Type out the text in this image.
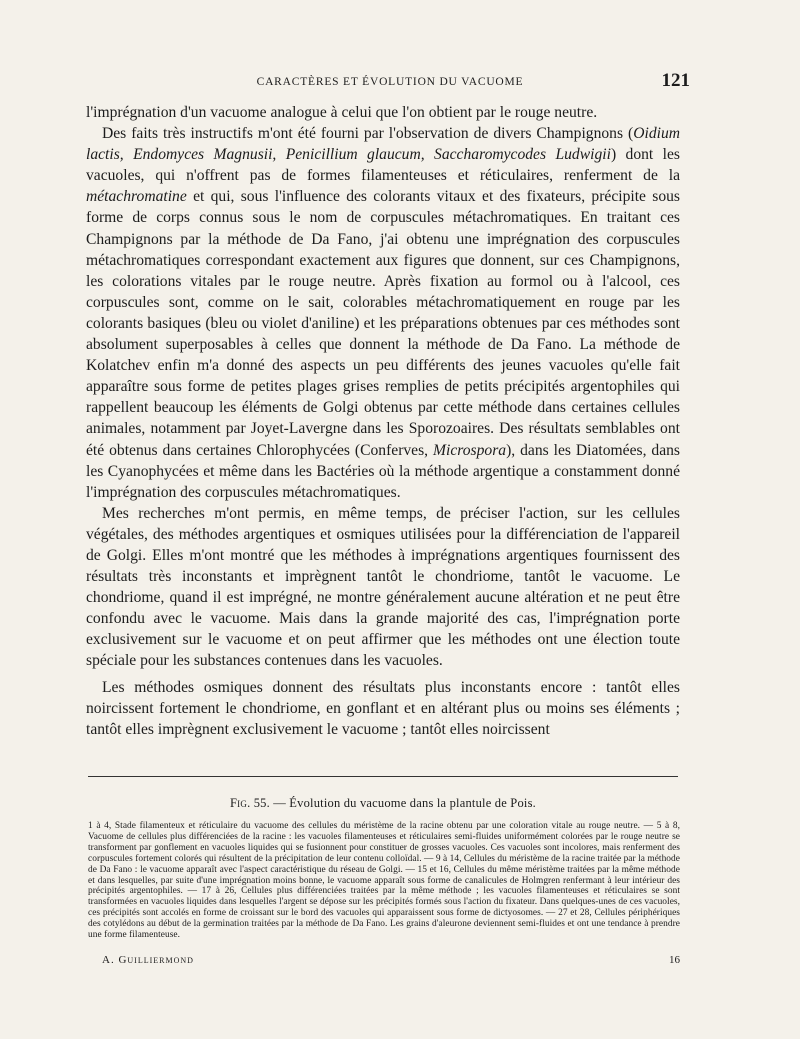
CARACTÈRES ET ÉVOLUTION DU VACUOME	121

l'imprégnation d'un vacuome analogue à celui que l'on obtient par le rouge neutre.

Des faits très instructifs m'ont été fourni par l'observation de divers Champignons (Oidium lactis, Endomyces Magnusii, Penicillium glaucum, Saccharomycodes Ludwigii) dont les vacuoles, qui n'offrent pas de formes filamenteuses et réticulaires, renferment de la métachromatine et qui, sous l'influence des colorants vitaux et des fixateurs, précipite sous forme de corps connus sous le nom de corpuscules métachromatiques. En traitant ces Champignons par la méthode de Da Fano, j'ai obtenu une imprégnation des corpuscules métachromatiques correspondant exactement aux figures que donnent, sur ces Champignons, les colorations vitales par le rouge neutre. Après fixation au formol ou à l'alcool, ces corpuscules sont, comme on le sait, colorables métachromatiquement en rouge par les colorants basiques (bleu ou violet d'aniline) et les préparations obtenues par ces méthodes sont absolument superposables à celles que donnent la méthode de Da Fano. La méthode de Kolatchev enfin m'a donné des aspects un peu différents des jeunes vacuoles qu'elle fait apparaître sous forme de petites plages grises remplies de petits précipités argentophiles qui rappellent beaucoup les éléments de Golgi obtenus par cette méthode dans certaines cellules animales, notamment par Joyet-Lavergne dans les Sporozoaires. Des résultats semblables ont été obtenus dans certaines Chlorophycées (Conferves, Microspora), dans les Diatomées, dans les Cyanophycées et même dans les Bactéries où la méthode argentique a constamment donné l'imprégnation des corpuscules métachromatiques.

Mes recherches m'ont permis, en même temps, de préciser l'action, sur les cellules végétales, des méthodes argentiques et osmiques utilisées pour la différenciation de l'appareil de Golgi. Elles m'ont montré que les méthodes à imprégnations argentiques fournissent des résultats très inconstants et imprègnent tantôt le chondriome, tantôt le vacuome. Le chondriome, quand il est imprégné, ne montre généralement aucune altération et ne peut être confondu avec le vacuome. Mais dans la grande majorité des cas, l'imprégnation porte exclusivement sur le vacuome et on peut affirmer que les méthodes ont une élection toute spéciale pour les substances contenues dans les vacuoles.

Les méthodes osmiques donnent des résultats plus inconstants encore : tantôt elles noircissent fortement le chondriome, en gonflant et en altérant plus ou moins ses éléments ; tantôt elles imprègnent exclusivement le vacuome ; tantôt elles noircissent

Fig. 55. — Évolution du vacuome dans la plantule de Pois.
1 à 4, Stade filamenteux et réticulaire du vacuome des cellules du méristème de la racine obtenu par une coloration vitale au rouge neutre. — 5 à 8, Vacuome de cellules plus différenciées de la racine : les vacuoles filamenteuses et réticulaires semi-fluides uniformément colorées par le rouge neutre se transforment par gonflement en vacuoles liquides qui se fusionnent pour constituer de grosses vacuoles. Ces vacuoles sont incolores, mais renferment des corpuscules fortement colorés qui résultent de la précipitation de leur contenu colloïdal. — 9 à 14, Cellules du méristème de la racine traitée par la méthode de Da Fano : le vacuome apparaît avec l'aspect caractéristique du réseau de Golgi. — 15 et 16, Cellules du même méristème traitées par la même méthode et dans lesquelles, par suite d'une imprégnation moins bonne, le vacuome apparaît sous forme de canalicules de Holmgren renfermant à leur intérieur des précipités argentophiles. — 17 à 26, Cellules plus différenciées traitées par la même méthode ; les vacuoles filamenteuses et réticulaires se sont transformées en vacuoles liquides dans lesquelles l'argent se dépose sur les précipités formés sous l'action du fixateur. Dans quelques-unes de ces vacuoles, ces précipités sont accolés en forme de croissant sur le bord des vacuoles qui apparaissent sous forme de dictyosomes. — 27 et 28, Cellules périphériques des cotylédons au début de la germination traitées par la méthode de Da Fano. Les grains d'aleurone deviennent semi-fluides et ont une tendance à prendre une forme filamenteuse.
A. Guilliermond	16
